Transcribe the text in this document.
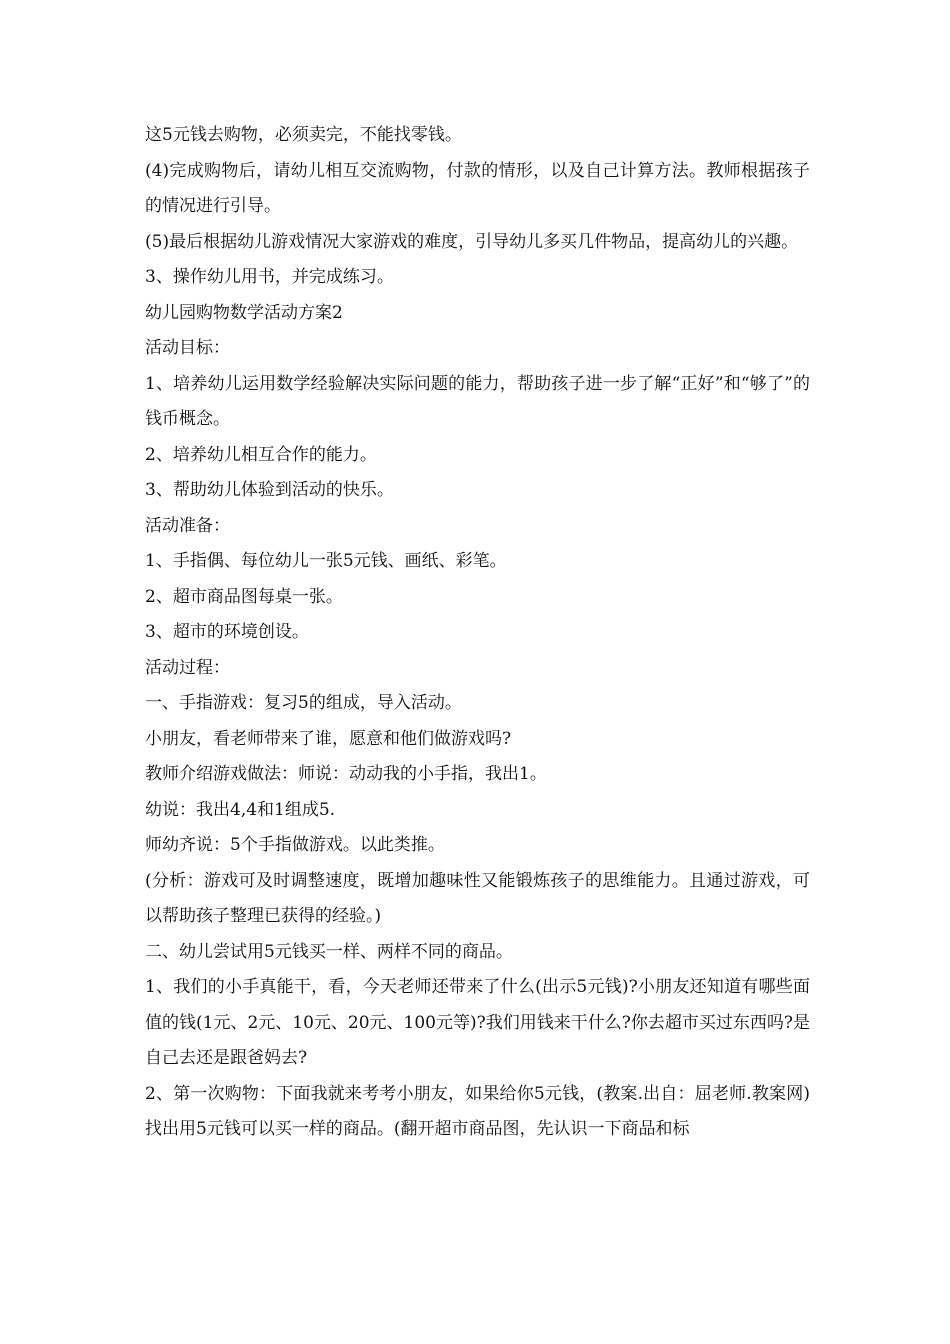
这5元钱去购物，必须卖完，不能找零钱。

(4)完成购物后，请幼儿相互交流购物，付款的情形，以及自己计算方法。教师根据孩子的情况进行引导。

(5)最后根据幼儿游戏情况大家游戏的难度，引导幼儿多买几件物品，提高幼儿的兴趣。

3、操作幼儿用书，并完成练习。

幼儿园购物数学活动方案2

活动目标：

1、培养幼儿运用数学经验解决实际问题的能力，帮助孩子进一步了解“正好”和“够了”的钱币概念。

2、培养幼儿相互合作的能力。

3、帮助幼儿体验到活动的快乐。

活动准备：

1、手指偶、每位幼儿一张5元钱、画纸、彩笔。

2、超市商品图每桌一张。

3、超市的环境创设。

活动过程：

一、手指游戏：复习5的组成，导入活动。

小朋友，看老师带来了谁，愿意和他们做游戏吗?

教师介绍游戏做法：师说：动动我的小手指，我出1。

幼说：我出4,4和1组成5.

师幼齐说：5个手指做游戏。以此类推。

(分析：游戏可及时调整速度，既增加趣味性又能锻炼孩子的思维能力。且通过游戏，可以帮助孩子整理已获得的经验。)

二、幼儿尝试用5元钱买一样、两样不同的商品。

1、我们的小手真能干，看，今天老师还带来了什么(出示5元钱)?小朋友还知道有哪些面值的钱(1元、2元、10元、20元、100元等)?我们用钱来干什么?你去超市买过东西吗?是自己去还是跟爸妈去?

2、第一次购物：下面我就来考考小朋友，如果给你5元钱，(教案.出自：屈老师.教案网)找出用5元钱可以买一样的商品。(翻开超市商品图，先认识一下商品和标
